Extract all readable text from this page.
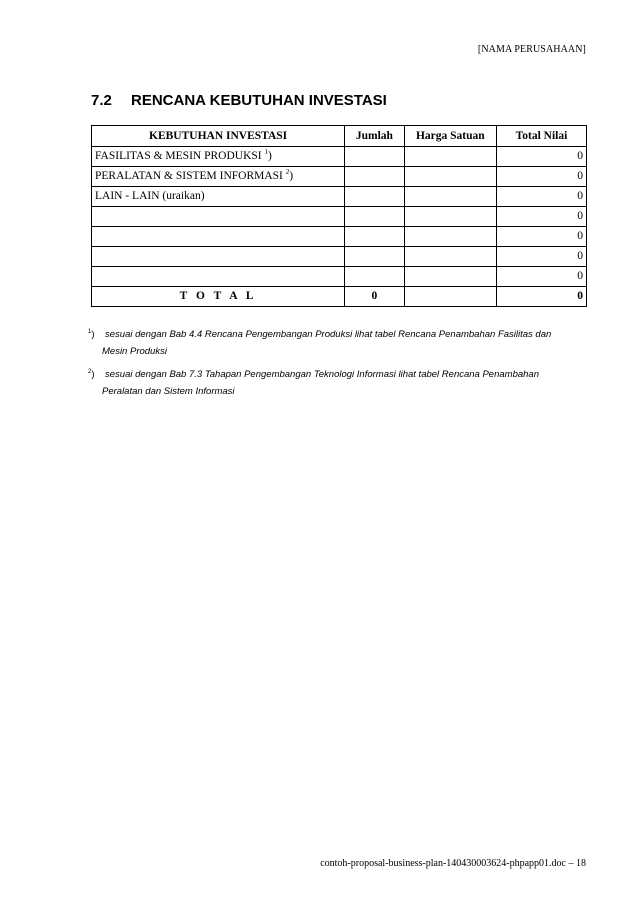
[NAMA PERUSAHAAN]
7.2 RENCANA KEBUTUHAN INVESTASI
KEBUTUHAN INVESTASI	Jumlah	Harga Satuan	Total Nilai
FASILITAS & MESIN PRODUKSI $^1$)			0
PERALATAN & SISTEM INFORMASI $^2$)			0
LAIN - LAIN (uraikan)			0
			0
			0
			0
			0
T O T A L	0		0
$^1$) sesuai dengan Bab 4.4 Rencana Pengembangan Produksi lihat tabel Rencana Penambahan Fasilitas dan Mesin Produksi
$^2$) sesuai dengan Bab 7.3 Tahapan Pengembangan Teknologi Informasi lihat tabel Rencana Penambahan Peralatan dan Sistem Informasi
contoh-proposal-business-plan-140430003624-phpapp01.doc – 18
